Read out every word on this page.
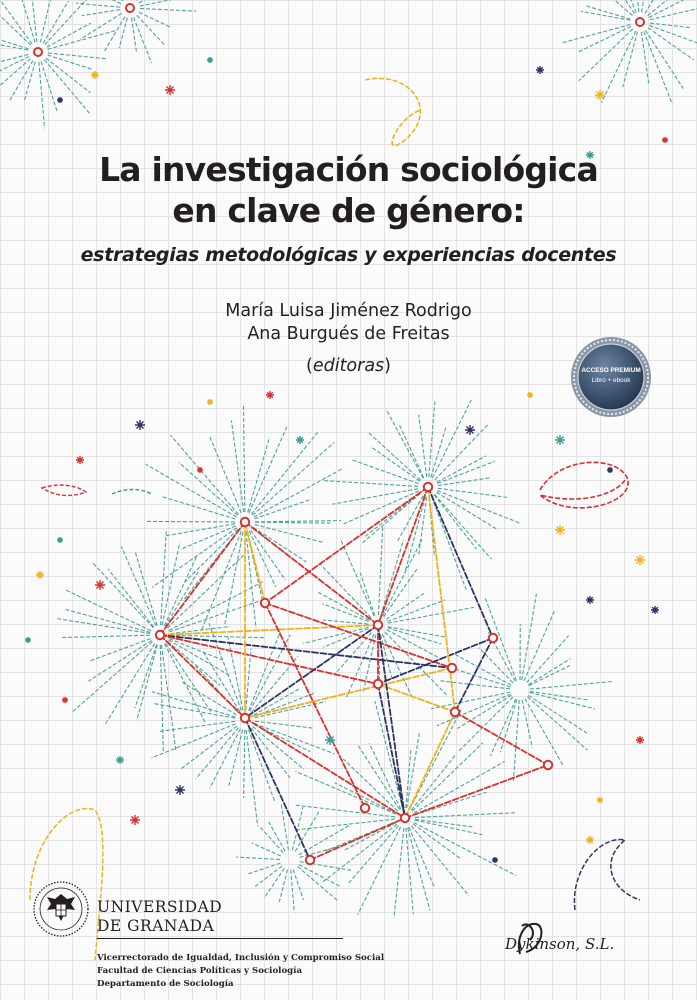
La investigación sociológica
en clave de género:
estrategias metodológicas y experiencias docentes
María Luisa Jiménez Rodrigo
Ana Burgués de Freitas
(editoras)	ACCESO PREMIUM
Libro + ebook
UNIVERSIDAD
DE GRANADA
Vicerrectorado de Igualdad, Inclusión y Compromiso Social
Facultad de Ciencias Políticas y Sociología
Departamento de Sociología
Dykinson, S.L.
